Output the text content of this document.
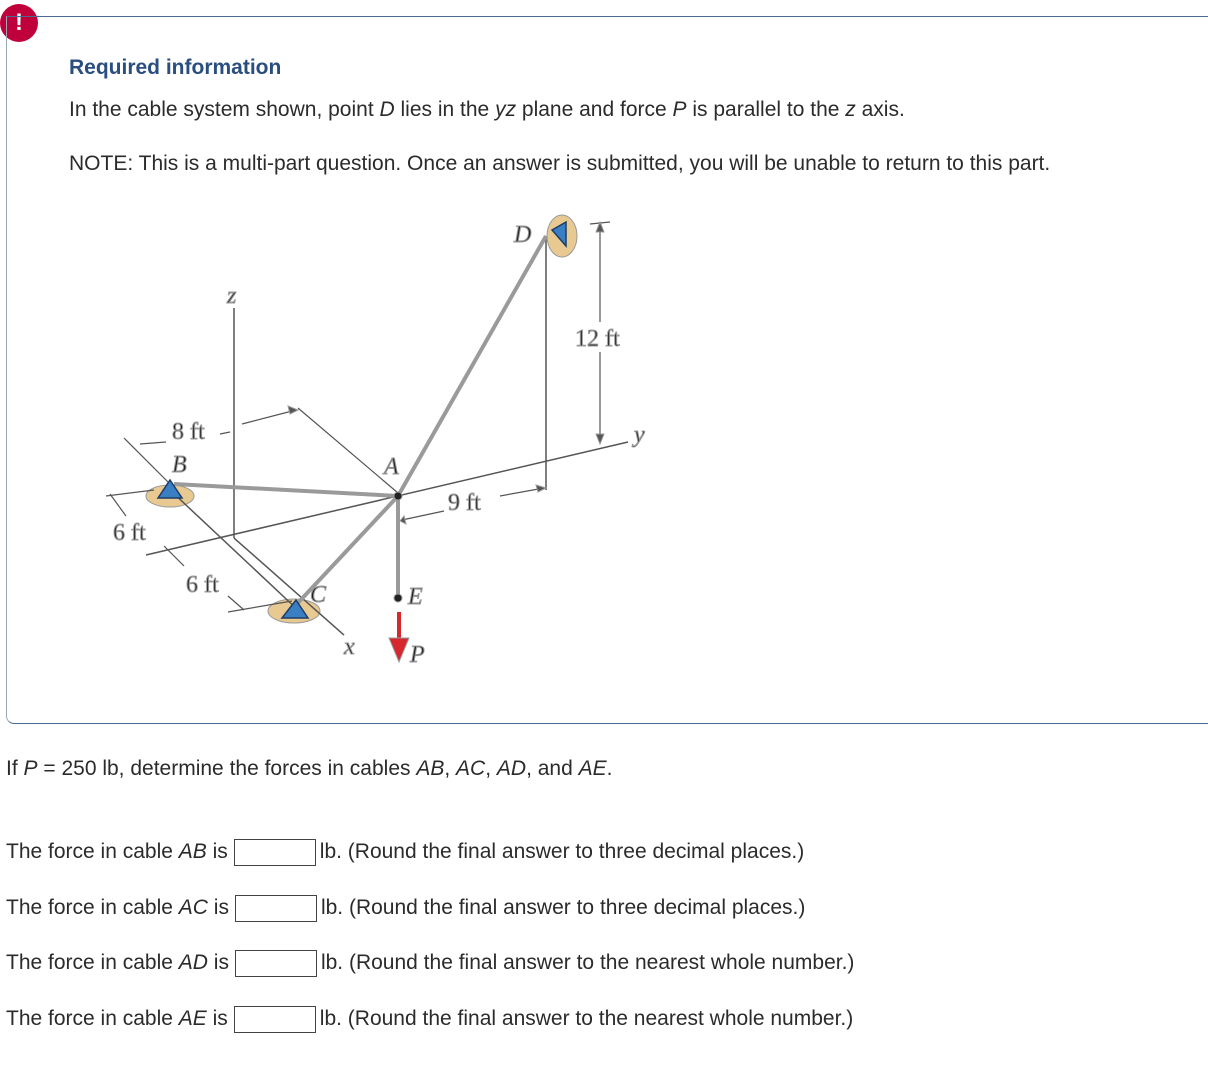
!
Required information
In the cable system shown, point D lies in the yz plane and force P is parallel to the z axis.
NOTE: This is a multi-part question. Once an answer is submitted, you will be unable to return to this part.
D
z
12 ft
y
8 ft
B	A
9 ft
6 ft
6 ft	C	E
x P
If P = 250 lb, determine the forces in cables AB, AC, AD, and AE.
The force in cable AB is	lb. (Round the final answer to three decimal places.)
The force in cable AC is	lb. (Round the final answer to three decimal places.)
The force in cable AD is	lb. (Round the final answer to the nearest whole number.)
The force in cable AE is	lb. (Round the final answer to the nearest whole number.)
